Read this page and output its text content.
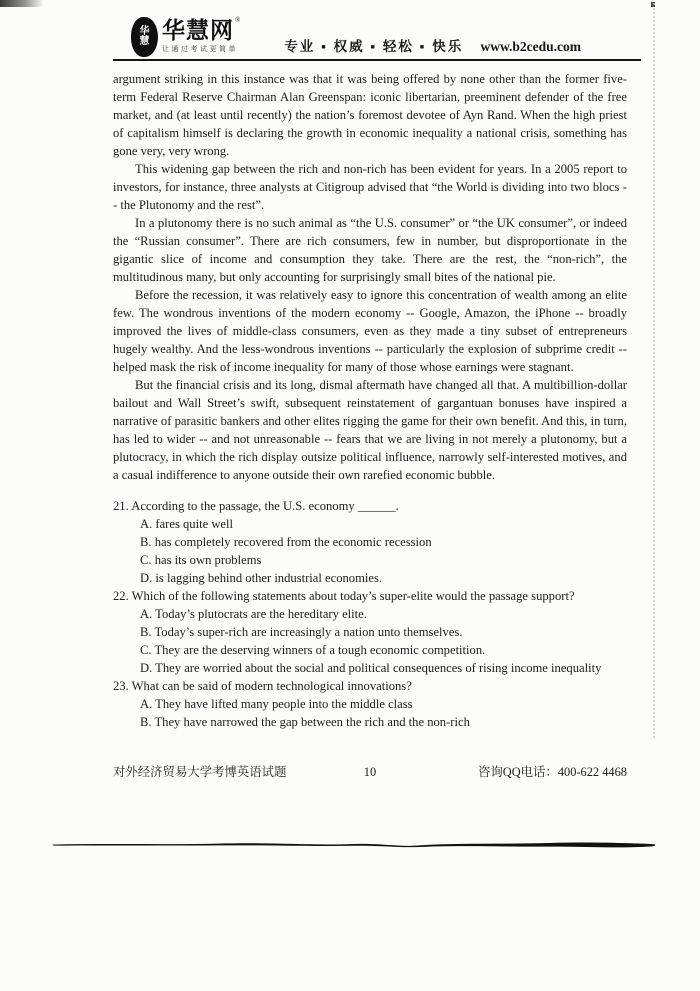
华
慧 华慧网 ®
让通过考试更简单	专业 ▪ 权威 ▪ 轻松 ▪ 快乐 www.b2cedu.com

argument striking in this instance was that it was being offered by none other than the former five-term Federal Reserve Chairman Alan Greenspan: iconic libertarian, preeminent defender of the free market, and (at least until recently) the nation’s foremost devotee of Ayn Rand. When the high priest of capitalism himself is declaring the growth in economic inequality a national crisis, something has gone very, very wrong.

This widening gap between the rich and non-rich has been evident for years. In a 2005 report to investors, for instance, three analysts at Citigroup advised that “the World is dividing into two blocs -- the Plutonomy and the rest”.

In a plutonomy there is no such animal as “the U.S. consumer” or “the UK consumer”, or indeed the “Russian consumer”. There are rich consumers, few in number, but disproportionate in the gigantic slice of income and consumption they take. There are the rest, the “non-rich”, the multitudinous many, but only accounting for surprisingly small bites of the national pie.

Before the recession, it was relatively easy to ignore this concentration of wealth among an elite few. The wondrous inventions of the modern economy -- Google, Amazon, the iPhone -- broadly improved the lives of middle-class consumers, even as they made a tiny subset of entrepreneurs hugely wealthy. And the less-wondrous inventions -- particularly the explosion of subprime credit -- helped mask the risk of income inequality for many of those whose earnings were stagnant.

But the financial crisis and its long, dismal aftermath have changed all that. A multibillion-dollar bailout and Wall Street’s swift, subsequent reinstatement of gargantuan bonuses have inspired a narrative of parasitic bankers and other elites rigging the game for their own benefit. And this, in turn, has led to wider -- and not unreasonable -- fears that we are living in not merely a plutonomy, but a plutocracy, in which the rich display outsize political influence, narrowly self-interested motives, and a casual indifference to anyone outside their own rarefied economic bubble.

21. According to the passage, the U.S. economy ______.
A. fares quite well
B. has completely recovered from the economic recession
C. has its own problems
D. is lagging behind other industrial economies.
22. Which of the following statements about today’s super-elite would the passage support?
A. Today’s plutocrats are the hereditary elite.
B. Today’s super-rich are increasingly a nation unto themselves.
C. They are the deserving winners of a tough economic competition.
D. They are worried about the social and political consequences of rising income inequality
23. What can be said of modern technological innovations?
A. They have lifted many people into the middle class
B. They have narrowed the gap between the rich and the non-rich
对外经济贸易大学考博英语试题	10	咨询QQ电话：400-622 4468
